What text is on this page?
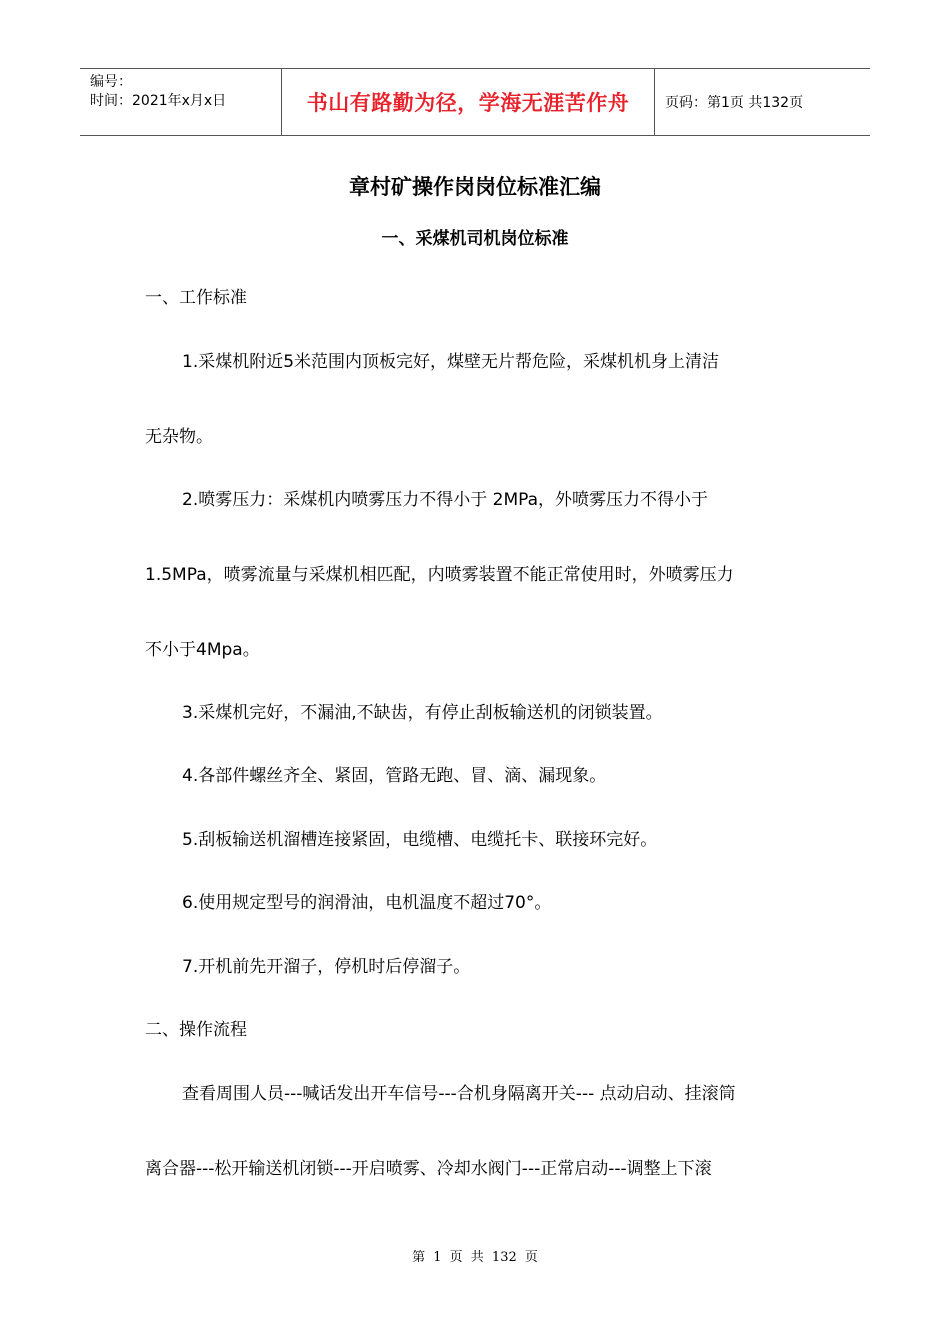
编号：
时间：2021年x月x日	书山有路勤为径，学海无涯苦作舟	页码：第1页 共132页
章村矿操作岗岗位标准汇编
一、采煤机司机岗位标准
一、工作标准
1.采煤机附近5米范围内顶板完好，煤壁无片帮危险，采煤机机身上清洁
无杂物。
2.喷雾压力：采煤机内喷雾压力不得小于 2MPa，外喷雾压力不得小于
1.5MPa，喷雾流量与采煤机相匹配，内喷雾装置不能正常使用时，外喷雾压力
不小于4Mpa。
3.采煤机完好，不漏油,不缺齿，有停止刮板输送机的闭锁装置。
4.各部件螺丝齐全、紧固，管路无跑、冒、滴、漏现象。
5.刮板输送机溜槽连接紧固，电缆槽、电缆托卡、联接环完好。
6.使用规定型号的润滑油，电机温度不超过70°。
7.开机前先开溜子，停机时后停溜子。
二、操作流程
查看周围人员---喊话发出开车信号---合机身隔离开关--- 点动启动、挂滚筒
离合器---松开输送机闭锁---开启喷雾、冷却水阀门---正常启动---调整上下滚
第 1 页 共 132 页
